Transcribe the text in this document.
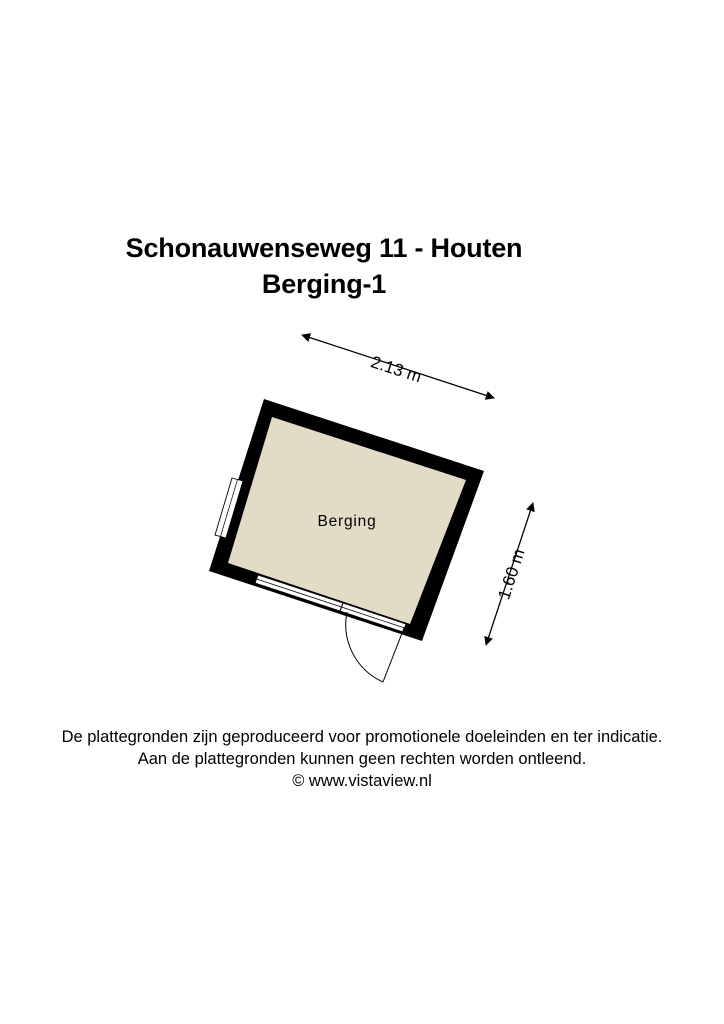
Schonauwenseweg 11 - Houten
Berging-1
2.13 m
1.60 m
Berging
De plattegronden zijn geproduceerd voor promotionele doeleinden en ter indicatie.
Aan de plattegronden kunnen geen rechten worden ontleend.
© www.vistaview.nl
